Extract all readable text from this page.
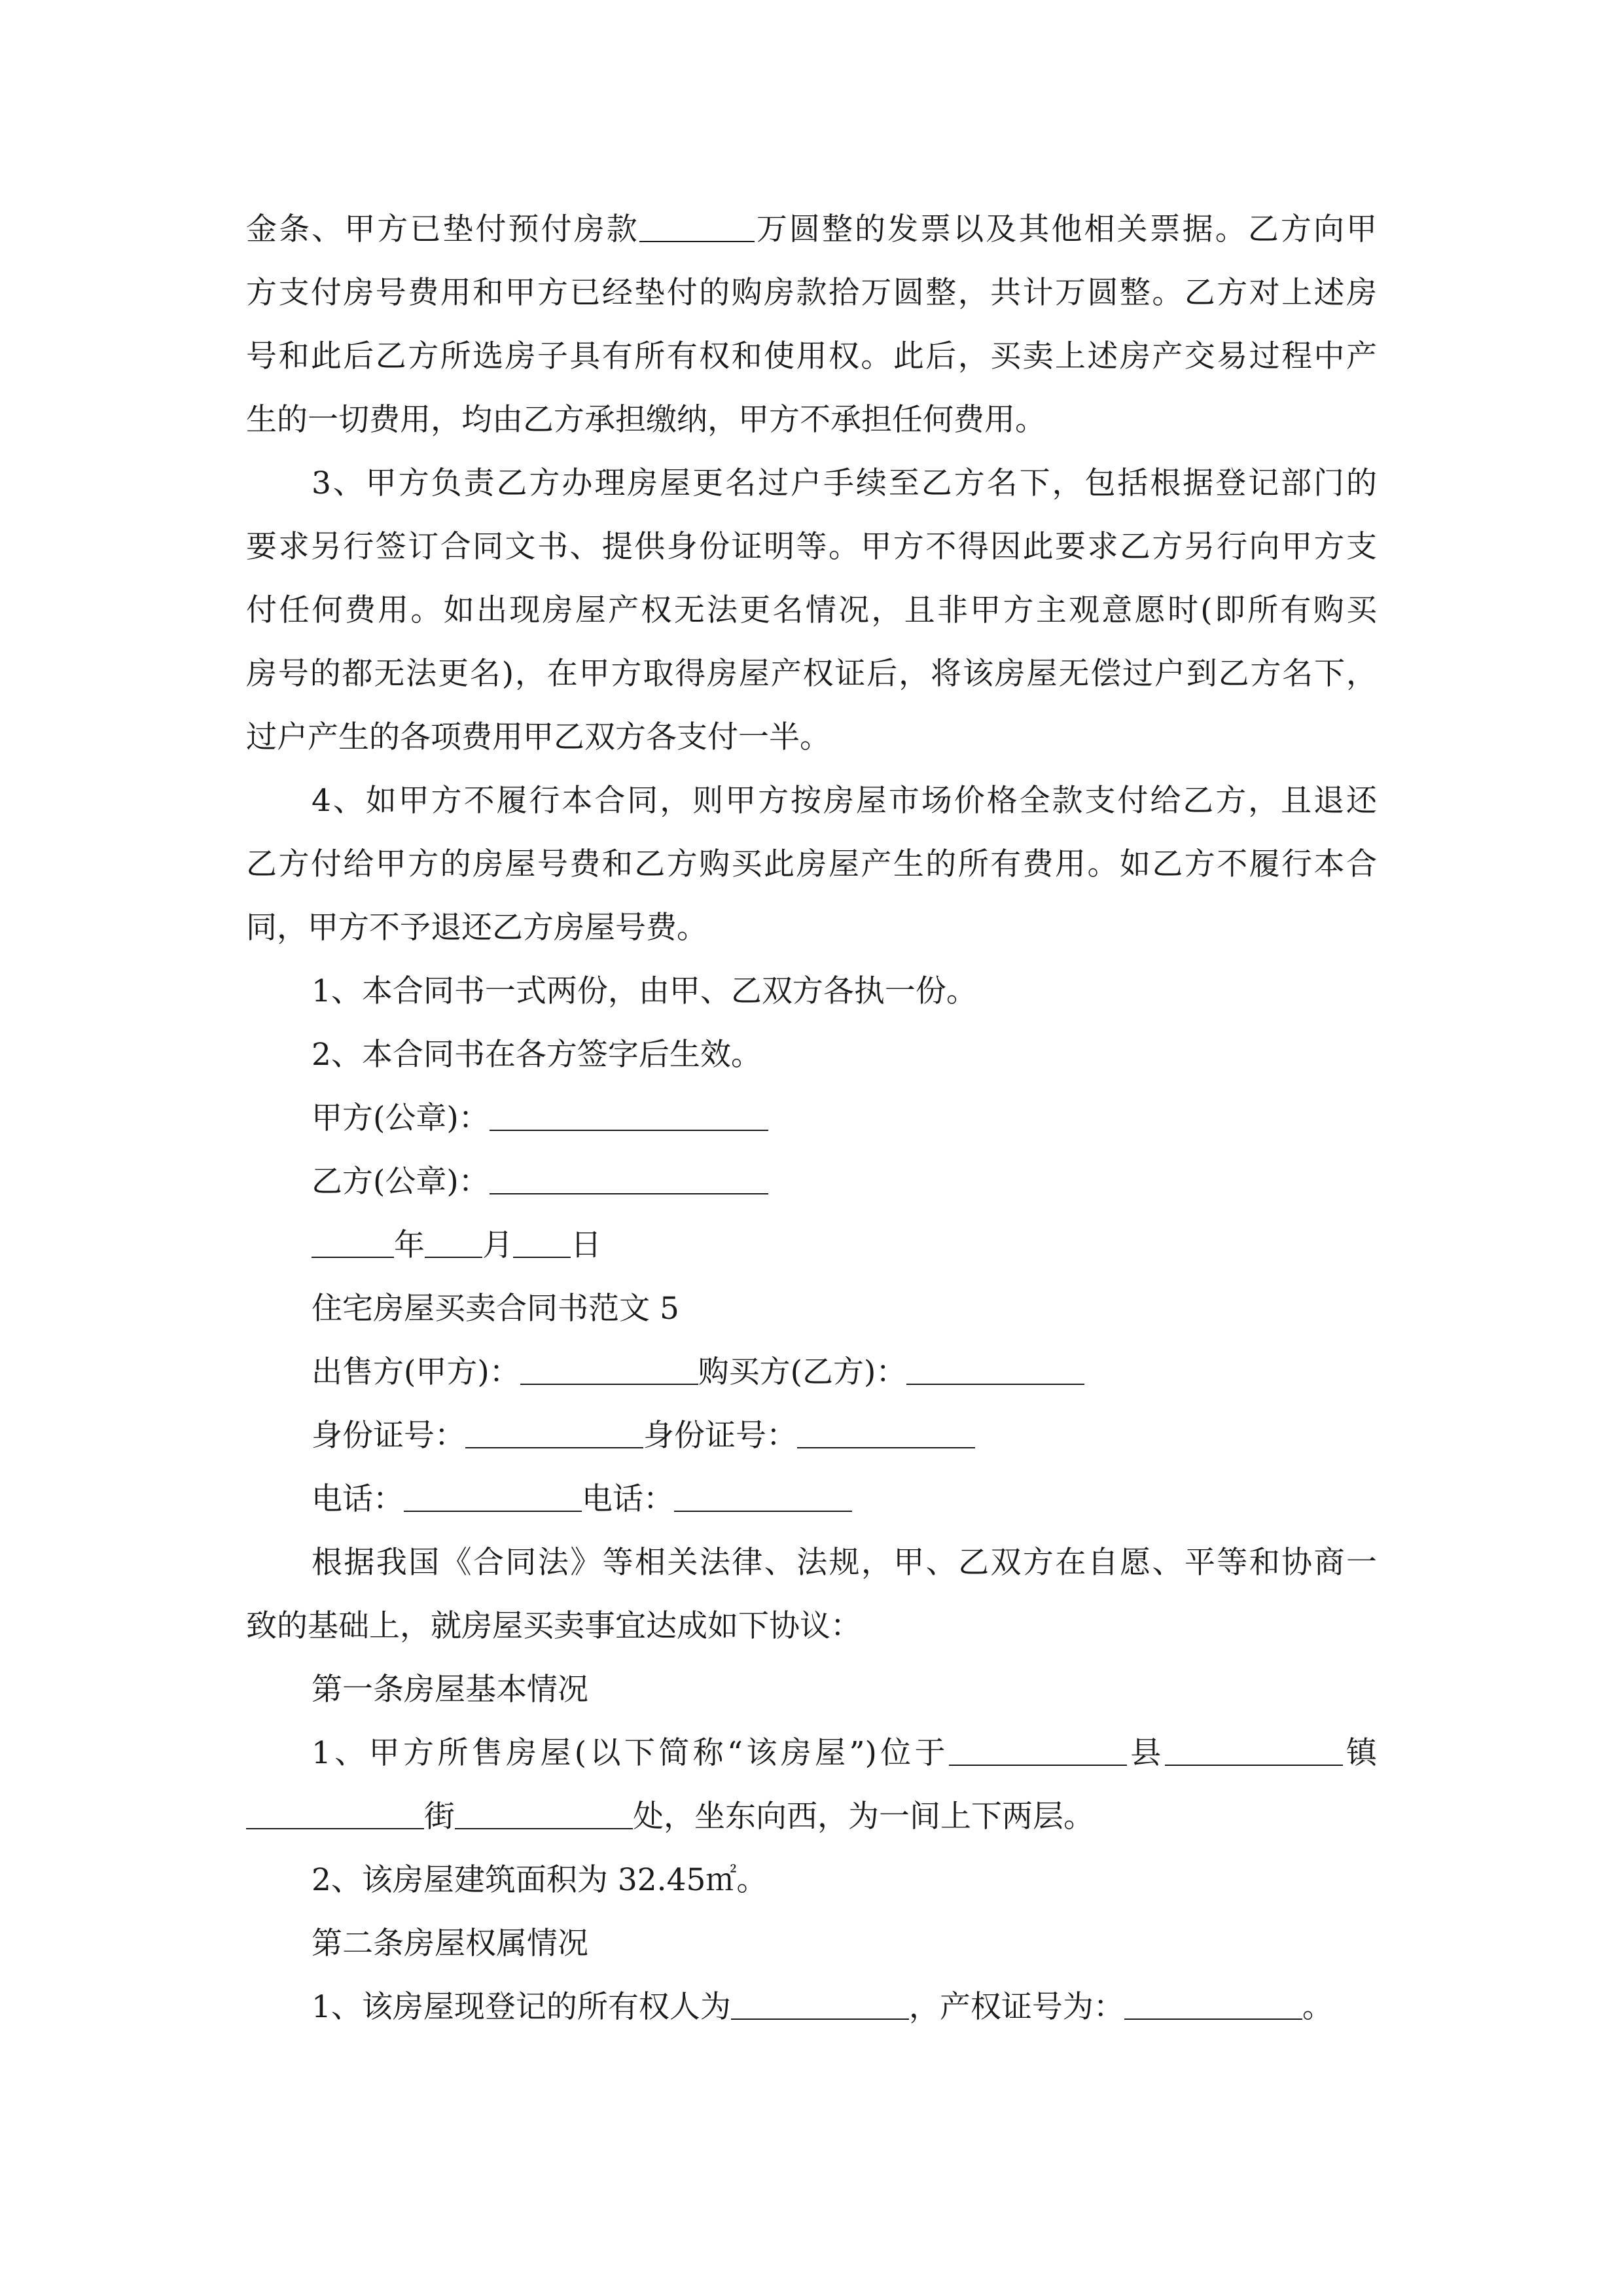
金条、甲方已垫付预付房款	万圆整的发票以及其他相关票据。乙方向甲
方支付房号费用和甲方已经垫付的购房款拾万圆整，共计万圆整。乙方对上述房
号和此后乙方所选房子具有所有权和使用权。此后，买卖上述房产交易过程中产
生的一切费用，均由乙方承担缴纳，甲方不承担任何费用。
3、甲方负责乙方办理房屋更名过户手续至乙方名下，包括根据登记部门的
要求另行签订合同文书、提供身份证明等。甲方不得因此要求乙方另行向甲方支
付任何费用。如出现房屋产权无法更名情况，且非甲方主观意愿时(即所有购买
房号的都无法更名)，在甲方取得房屋产权证后，将该房屋无偿过户到乙方名下，
过户产生的各项费用甲乙双方各支付一半。
4、如甲方不履行本合同，则甲方按房屋市场价格全款支付给乙方，且退还
乙方付给甲方的房屋号费和乙方购买此房屋产生的所有费用。如乙方不履行本合
同，甲方不予退还乙方房屋号费。
1、本合同书一式两份，由甲、乙双方各执一份。
2、本合同书在各方签字后生效。
甲方(公章)：
乙方(公章)：
年 月 日
住宅房屋买卖合同书范文 5
出售方(甲方)：	购买方(乙方)：
身份证号：	身份证号：
电话：	电话：
根据我国《合同法》等相关法律、法规，甲、乙双方在自愿、平等和协商一
致的基础上，就房屋买卖事宜达成如下协议：
第一条房屋基本情况
1、甲方所售房屋(以下简称“该房屋”)位于	县	镇
街	处，坐东向西，为一间上下两层。
2、该房屋建筑面积为 32.45㎡。
第二条房屋权属情况
1、该房屋现登记的所有权人为	，产权证号为：	。
